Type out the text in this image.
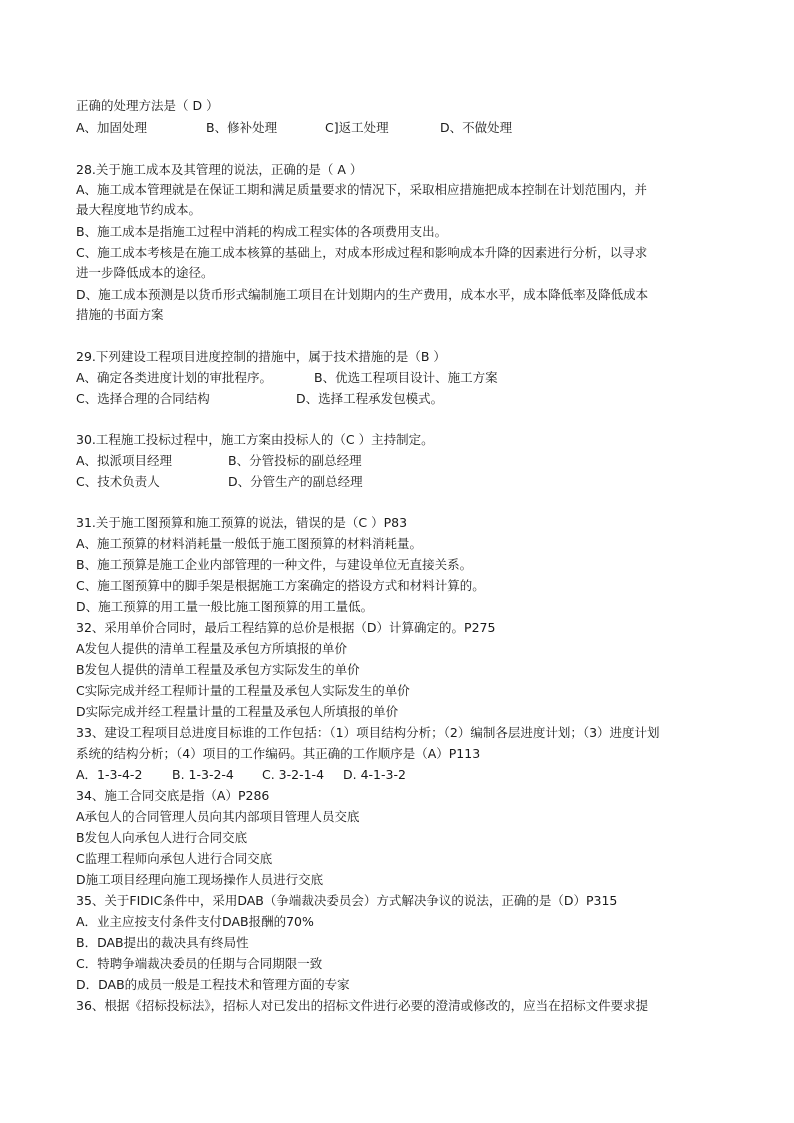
正确的处理方法是（ D ）
A、加固处理	B、修补处理	C]返工处理	D、不做处理
28.关于施工成本及其管理的说法，正确的是（ A ）
A、施工成本管理就是在保证工期和满足质量要求的情况下，采取相应措施把成本控制在计划范围内，并
最大程度地节约成本。
B、施工成本是指施工过程中消耗的构成工程实体的各项费用支出。
C、施工成本考核是在施工成本核算的基础上，对成本形成过程和影响成本升降的因素进行分析，以寻求
进一步降低成本的途径。
D、施工成本预测是以货币形式编制施工项目在计划期内的生产费用，成本水平，成本降低率及降低成本
措施的书面方案
29.下列建设工程项目进度控制的措施中，属于技术措施的是（B ）
A、确定各类进度计划的审批程序。	B、优选工程项目设计、施工方案
C、选择合理的合同结构	D、选择工程承发包模式。
30.工程施工投标过程中，施工方案由投标人的（C ）主持制定。
A、拟派项目经理	B、分管投标的副总经理
C、技术负责人	D、分管生产的副总经理
31.关于施工图预算和施工预算的说法，错误的是（C ）P83
A、施工预算的材料消耗量一般低于施工图预算的材料消耗量。
B、施工预算是施工企业内部管理的一种文件，与建设单位无直接关系。
C、施工图预算中的脚手架是根据施工方案确定的搭设方式和材料计算的。
D、施工预算的用工量一般比施工图预算的用工量低。
32、采用单价合同时，最后工程结算的总价是根据（D）计算确定的。P275
A发包人提供的清单工程量及承包方所填报的单价
B发包人提供的清单工程量及承包方实际发生的单价
C实际完成并经工程师计量的工程量及承包人实际发生的单价
D实际完成并经工程量计量的工程量及承包人所填报的单价
33、建设工程项目总进度目标谁的工作包括：（1）项目结构分析；（2）编制各层进度计划；（3）进度计划
系统的结构分析；（4）项目的工作编码。其正确的工作顺序是（A）P113
A．1-3-4-2 B. 1-3-2-4 C. 3-2-1-4 D. 4-1-3-2
34、施工合同交底是指（A）P286
A承包人的合同管理人员向其内部项目管理人员交底
B发包人向承包人进行合同交底
C监理工程师向承包人进行合同交底
D施工项目经理向施工现场操作人员进行交底
35、关于FIDIC条件中，采用DAB（争端裁决委员会）方式解决争议的说法，正确的是（D）P315
A．业主应按支付条件支付DAB报酬的70%
B．DAB提出的裁决具有终局性
C．特聘争端裁决委员的任期与合同期限一致
D．DAB的成员一般是工程技术和管理方面的专家
36、根据《招标投标法》，招标人对已发出的招标文件进行必要的澄清或修改的，应当在招标文件要求提
